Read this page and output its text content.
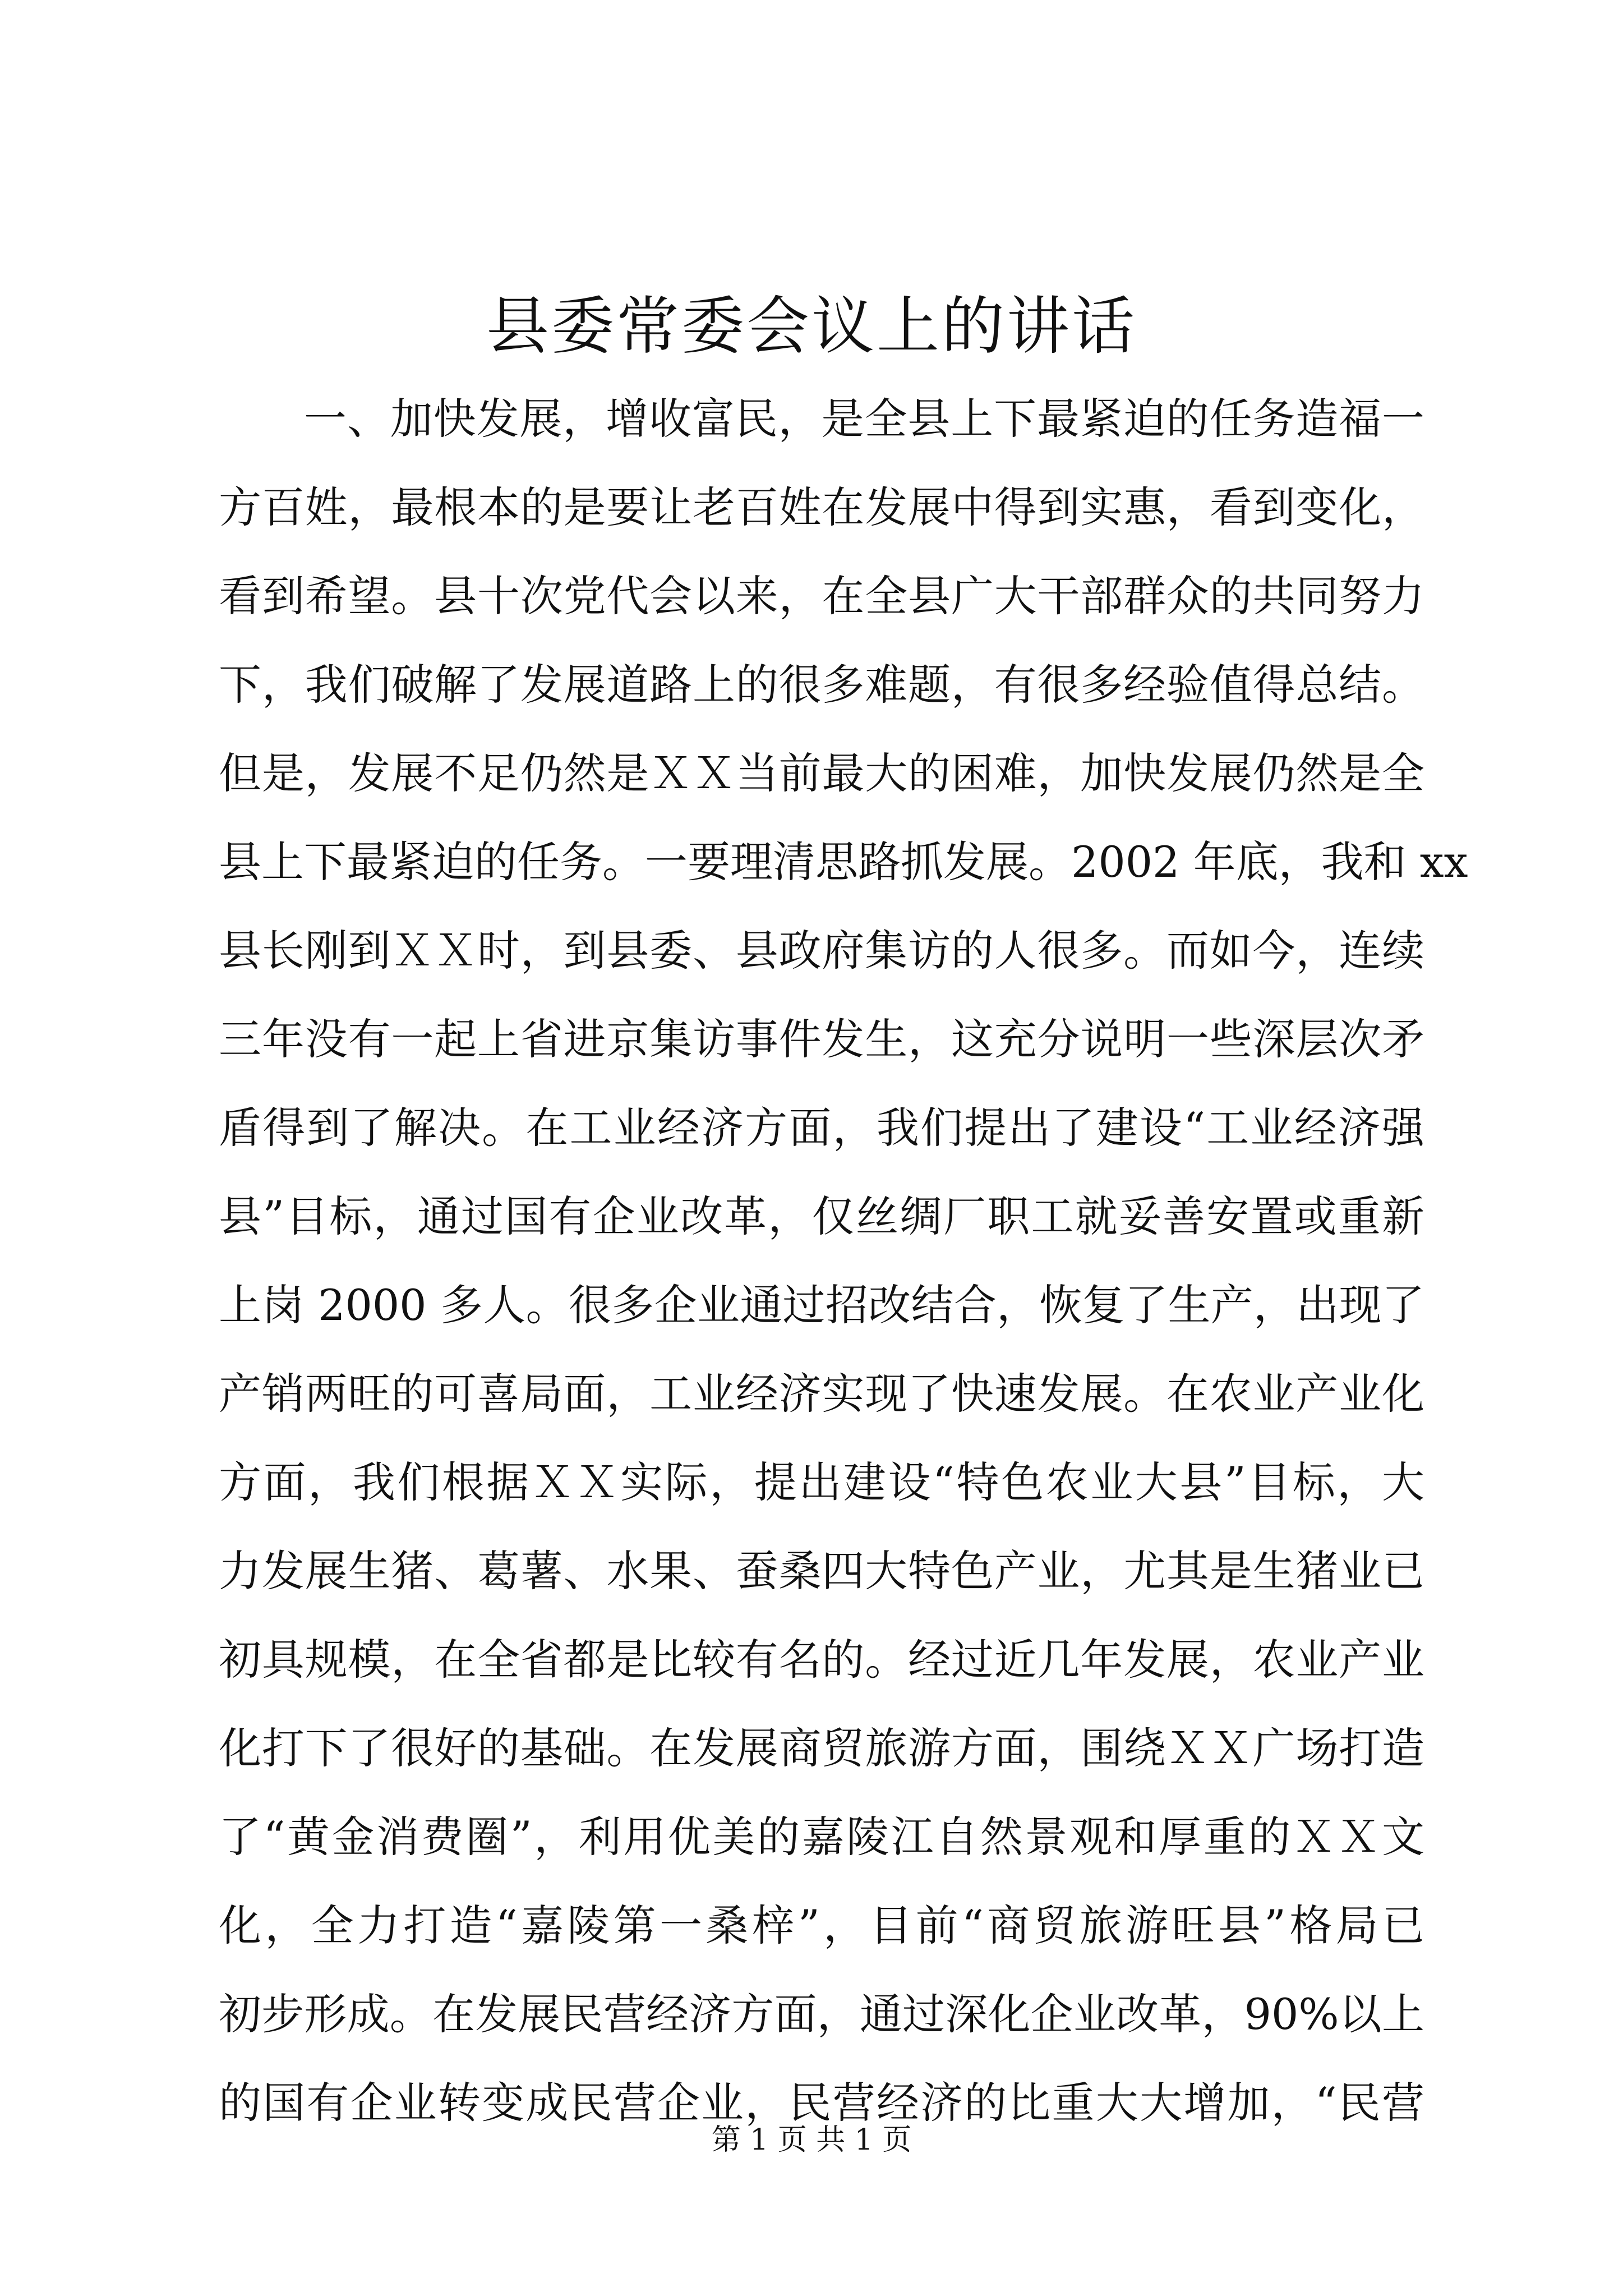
县委常委会议上的讲话
一、加快发展，增收富民，是全县上下最紧迫的任务造福一
方百姓，最根本的是要让老百姓在发展中得到实惠，看到变化，
看到希望。县十次党代会以来，在全县广大干部群众的共同努力
下，我们破解了发展道路上的很多难题，有很多经验值得总结。
但是，发展不足仍然是ＸＸ当前最大的困难，加快发展仍然是全
县上下最紧迫的任务。一要理清思路抓发展。2002 年底，我和 xx
县长刚到ＸＸ时，到县委、县政府集访的人很多。而如今，连续
三年没有一起上省进京集访事件发生，这充分说明一些深层次矛
盾得到了解决。在工业经济方面，我们提出了建设“工业经济强
县”目标，通过国有企业改革，仅丝绸厂职工就妥善安置或重新
上岗 2000 多人。很多企业通过招改结合，恢复了生产，出现了
产销两旺的可喜局面，工业经济实现了快速发展。在农业产业化
方面，我们根据ＸＸ实际，提出建设“特色农业大县”目标，大
力发展生猪、葛薯、水果、蚕桑四大特色产业，尤其是生猪业已
初具规模，在全省都是比较有名的。经过近几年发展，农业产业
化打下了很好的基础。在发展商贸旅游方面，围绕ＸＸ广场打造
了“黄金消费圈”，利用优美的嘉陵江自然景观和厚重的ＸＸ文
化，全力打造“嘉陵第一桑梓”，目前“商贸旅游旺县”格局已
初步形成。在发展民营经济方面，通过深化企业改革，90%以上
的国有企业转变成民营企业，民营经济的比重大大增加，“民营
第 1 页 共 1 页
